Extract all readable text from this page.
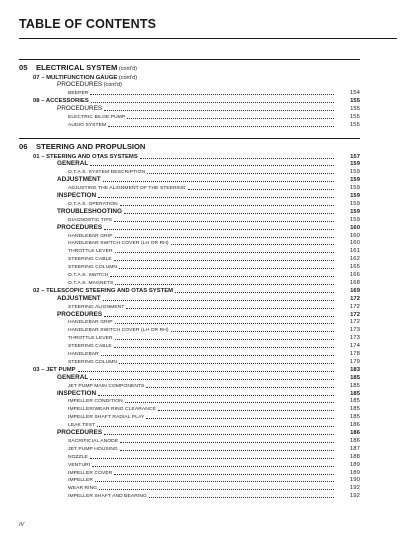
TABLE OF CONTENTS
05	ELECTRICAL SYSTEM (cont'd)
07 – MULTIFUNCTION GAUGE (cont'd)
PROCEDURES (cont'd)
BEEPER	154
08 – ACCESSORIES	155
PROCEDURES	155
ELECTRIC BILGE PUMP	155
AUDIO SYSTEM	155
06	STEERING AND PROPULSION
01 – STEERING AND OTAS SYSTEMS	157
GENERAL	159
O.T.A.S. SYSTEM DESCRIPTION	159
ADJUSTMENT	159
ADJUSTING THE ALIGNMENT OF THE STEERING	159
INSPECTION	159
O.T.A.S. OPERATION	159
TROUBLESHOOTING	159
DIAGNOSTIC TIPS	159
PROCEDURES	160
HANDLEBAR GRIP	160
HANDLEBAR SWITCH COVER (LH OR RH)	160
THROTTLE LEVER	161
STEERING CABLE	162
STEERING COLUMN	165
O.T.A.S. SWITCH	166
O.T.A.S. MAGNETS	168
02 – TELESCOPIC STEERING AND OTAS SYSTEM	169
ADJUSTMENT	172
STEERING ALIGNMENT	172
PROCEDURES	172
HANDLEBAR GRIP	172
HANDLEBAR SWITCH COVER (LH OR RH)	173
THROTTLE LEVER	173
STEERING CABLE	174
HANDLEBAR	178
STEERING COLUMN	179
03 – JET PUMP	183
GENERAL	185
JET PUMP MAIN COMPONENTS	185
INSPECTION	185
IMPELLER CONDITION	185
IMPELLER/WEAR RING CLEARANCE	185
IMPELLER SHAFT RADIAL PLAY	185
LEAK TEST	186
PROCEDURES	186
SACRIFICIAL ANODE	186
JET PUMP HOUSING	187
NOZZLE	188
VENTURI	189
IMPELLER COVER	189
IMPELLER	190
WEAR RING	192
IMPELLER SHAFT AND BEARING	192
IV
